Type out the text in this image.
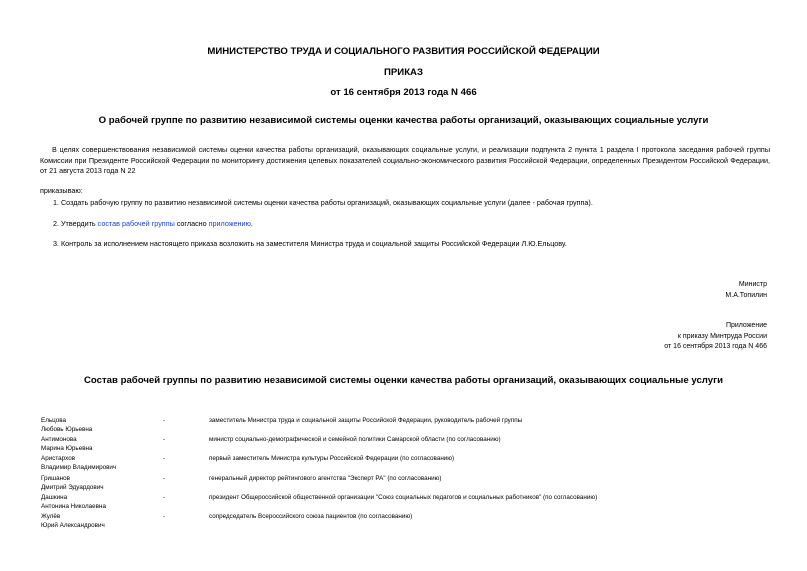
МИНИСТЕРСТВО ТРУДА И СОЦИАЛЬНОГО РАЗВИТИЯ РОССИЙСКОЙ ФЕДЕРАЦИИ
ПРИКАЗ
от 16 сентября 2013 года N 466
О рабочей группе по развитию независимой системы оценки качества работы организаций, оказывающих социальные услуги
В целях совершенствования независимой системы оценки качества работы организаций, оказывающих социальные услуги, и реализации подпункта 2 пункта 1 раздела I протокола заседания рабочей группы Комиссии при Президенте Российской Федерации по мониторингу достижения целевых показателей социально-экономического развития Российской Федерации, определенных Президентом Российской Федерации, от 21 августа 2013 года N 22
приказываю:
1. Создать рабочую группу по развитию независимой системы оценки качества работы организаций, оказывающих социальные услуги (далее - рабочая группа).
2. Утвердить состав рабочей группы согласно приложению.
3. Контроль за исполнением настоящего приказа возложить на заместителя Министра труда и социальной защиты Российской Федерации Л.Ю.Ельцову.
Министр
М.А.Топилин
Приложение
к приказу Минтруда России
от 16 сентября 2013 года N 466
Состав рабочей группы по развитию независимой системы оценки качества работы организаций, оказывающих социальные услуги
Ельцова
Любовь Юрьевна
-	заместитель Министра труда и социальной защиты Российской Федерации, руководитель рабочей группы
Антимонова
Марина Юрьевна
-	министр социально-демографической и семейной политики Самарской области (по согласованию)
Аристархов
Владимир Владимирович
-	первый заместитель Министра культуры Российской Федерации (по согласованию)
Гришанов
Дмитрий Эдуардович
-	генеральный директор рейтингового агентства "Эксперт РА" (по согласованию)
Дашкина
Антонина Николаевна
-	президент Общероссийской общественной организации "Союз социальных педагогов и социальных работников" (по согласованию)
Жулёв
Юрий Александрович
-	сопредседатель Всероссийского союза пациентов (по согласованию)
